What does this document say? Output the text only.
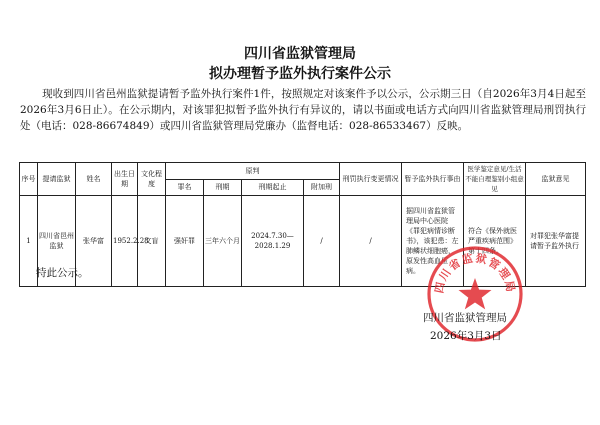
四川省监狱管理局
拟办理暂予监外执行案件公示
现收到四川省邑州监狱提请暂予监外执行案件1件，按照规定对该案件予以公示，公示期三日（自2026年3月4日起至2026年3月6日止）。在公示期内，对该罪犯拟暂予监外执行有异议的，请以书面或电话方式向四川省监狱管理局刑罚执行处（电话：028-86674849）或四川省监狱管理局党廉办（监督电话：028-86533467）反映。
序号	提请监狱	姓名	出生日期	文化程度	原判				刑罚执行变更情况	暂予监外执行事由	医学鉴定意见/生活不能自理鉴别小组意见	监狱意见
					罪名	刑期	刑期起止	附加刑				
1	四川省邑州监狱	张华富	1952.2.28	文盲	强奸罪	三年六个月	2024.7.30—2028.1.29	/	/	据四川省监狱管理局中心医院《罪犯病情诊断书》，该犯患：左肺鳞状细胞癌，原发性高血压病。	符合《保外就医严重疾病范围》第十四条。	对罪犯张华富提请暂予监外执行
特此公示。
四川省监狱管理局
四川省监狱管理局
2026年3月3日
